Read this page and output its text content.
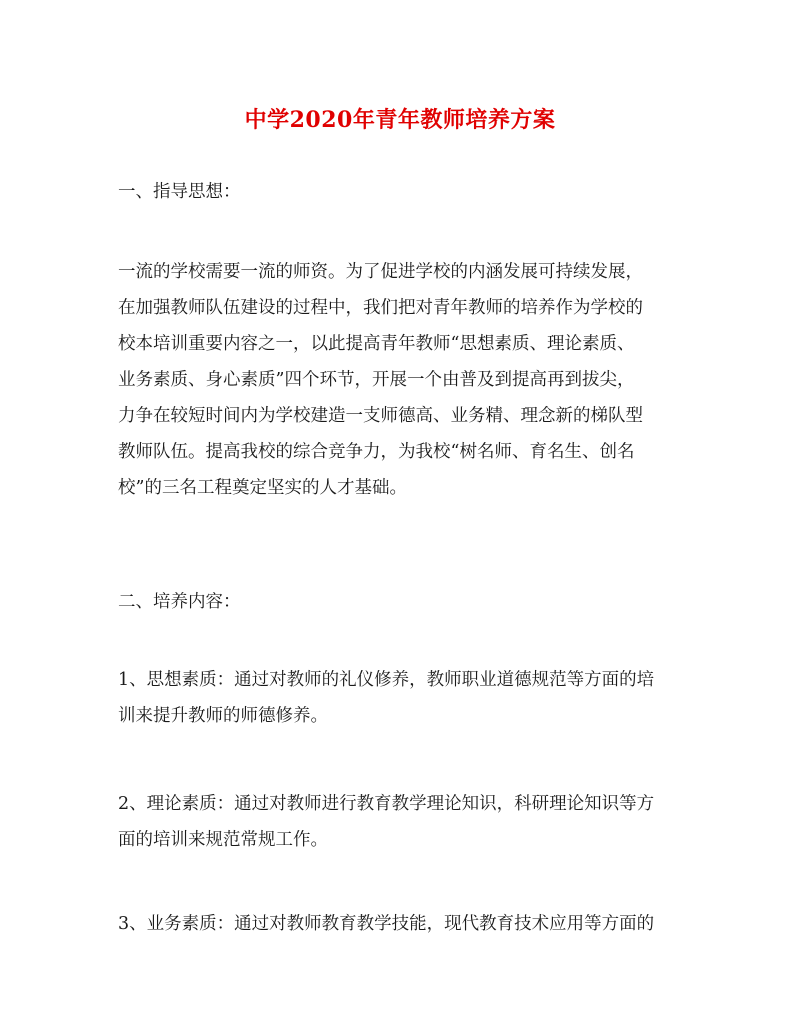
中学2020年青年教师培养方案

一、指导思想：

一流的学校需要一流的师资。为了促进学校的内涵发展可持续发展，
在加强教师队伍建设的过程中，我们把对青年教师的培养作为学校的
校本培训重要内容之一，以此提高青年教师“思想素质、理论素质、
业务素质、身心素质”四个环节，开展一个由普及到提高再到拔尖，
力争在较短时间内为学校建造一支师德高、业务精、理念新的梯队型
教师队伍。提高我校的综合竞争力，为我校“树名师、育名生、创名
校”的三名工程奠定坚实的人才基础。

二、培养内容：

1、思想素质：通过对教师的礼仪修养，教师职业道德规范等方面的培
训来提升教师的师德修养。

2、理论素质：通过对教师进行教育教学理论知识，科研理论知识等方
面的培训来规范常规工作。

3、业务素质：通过对教师教育教学技能，现代教育技术应用等方面的
